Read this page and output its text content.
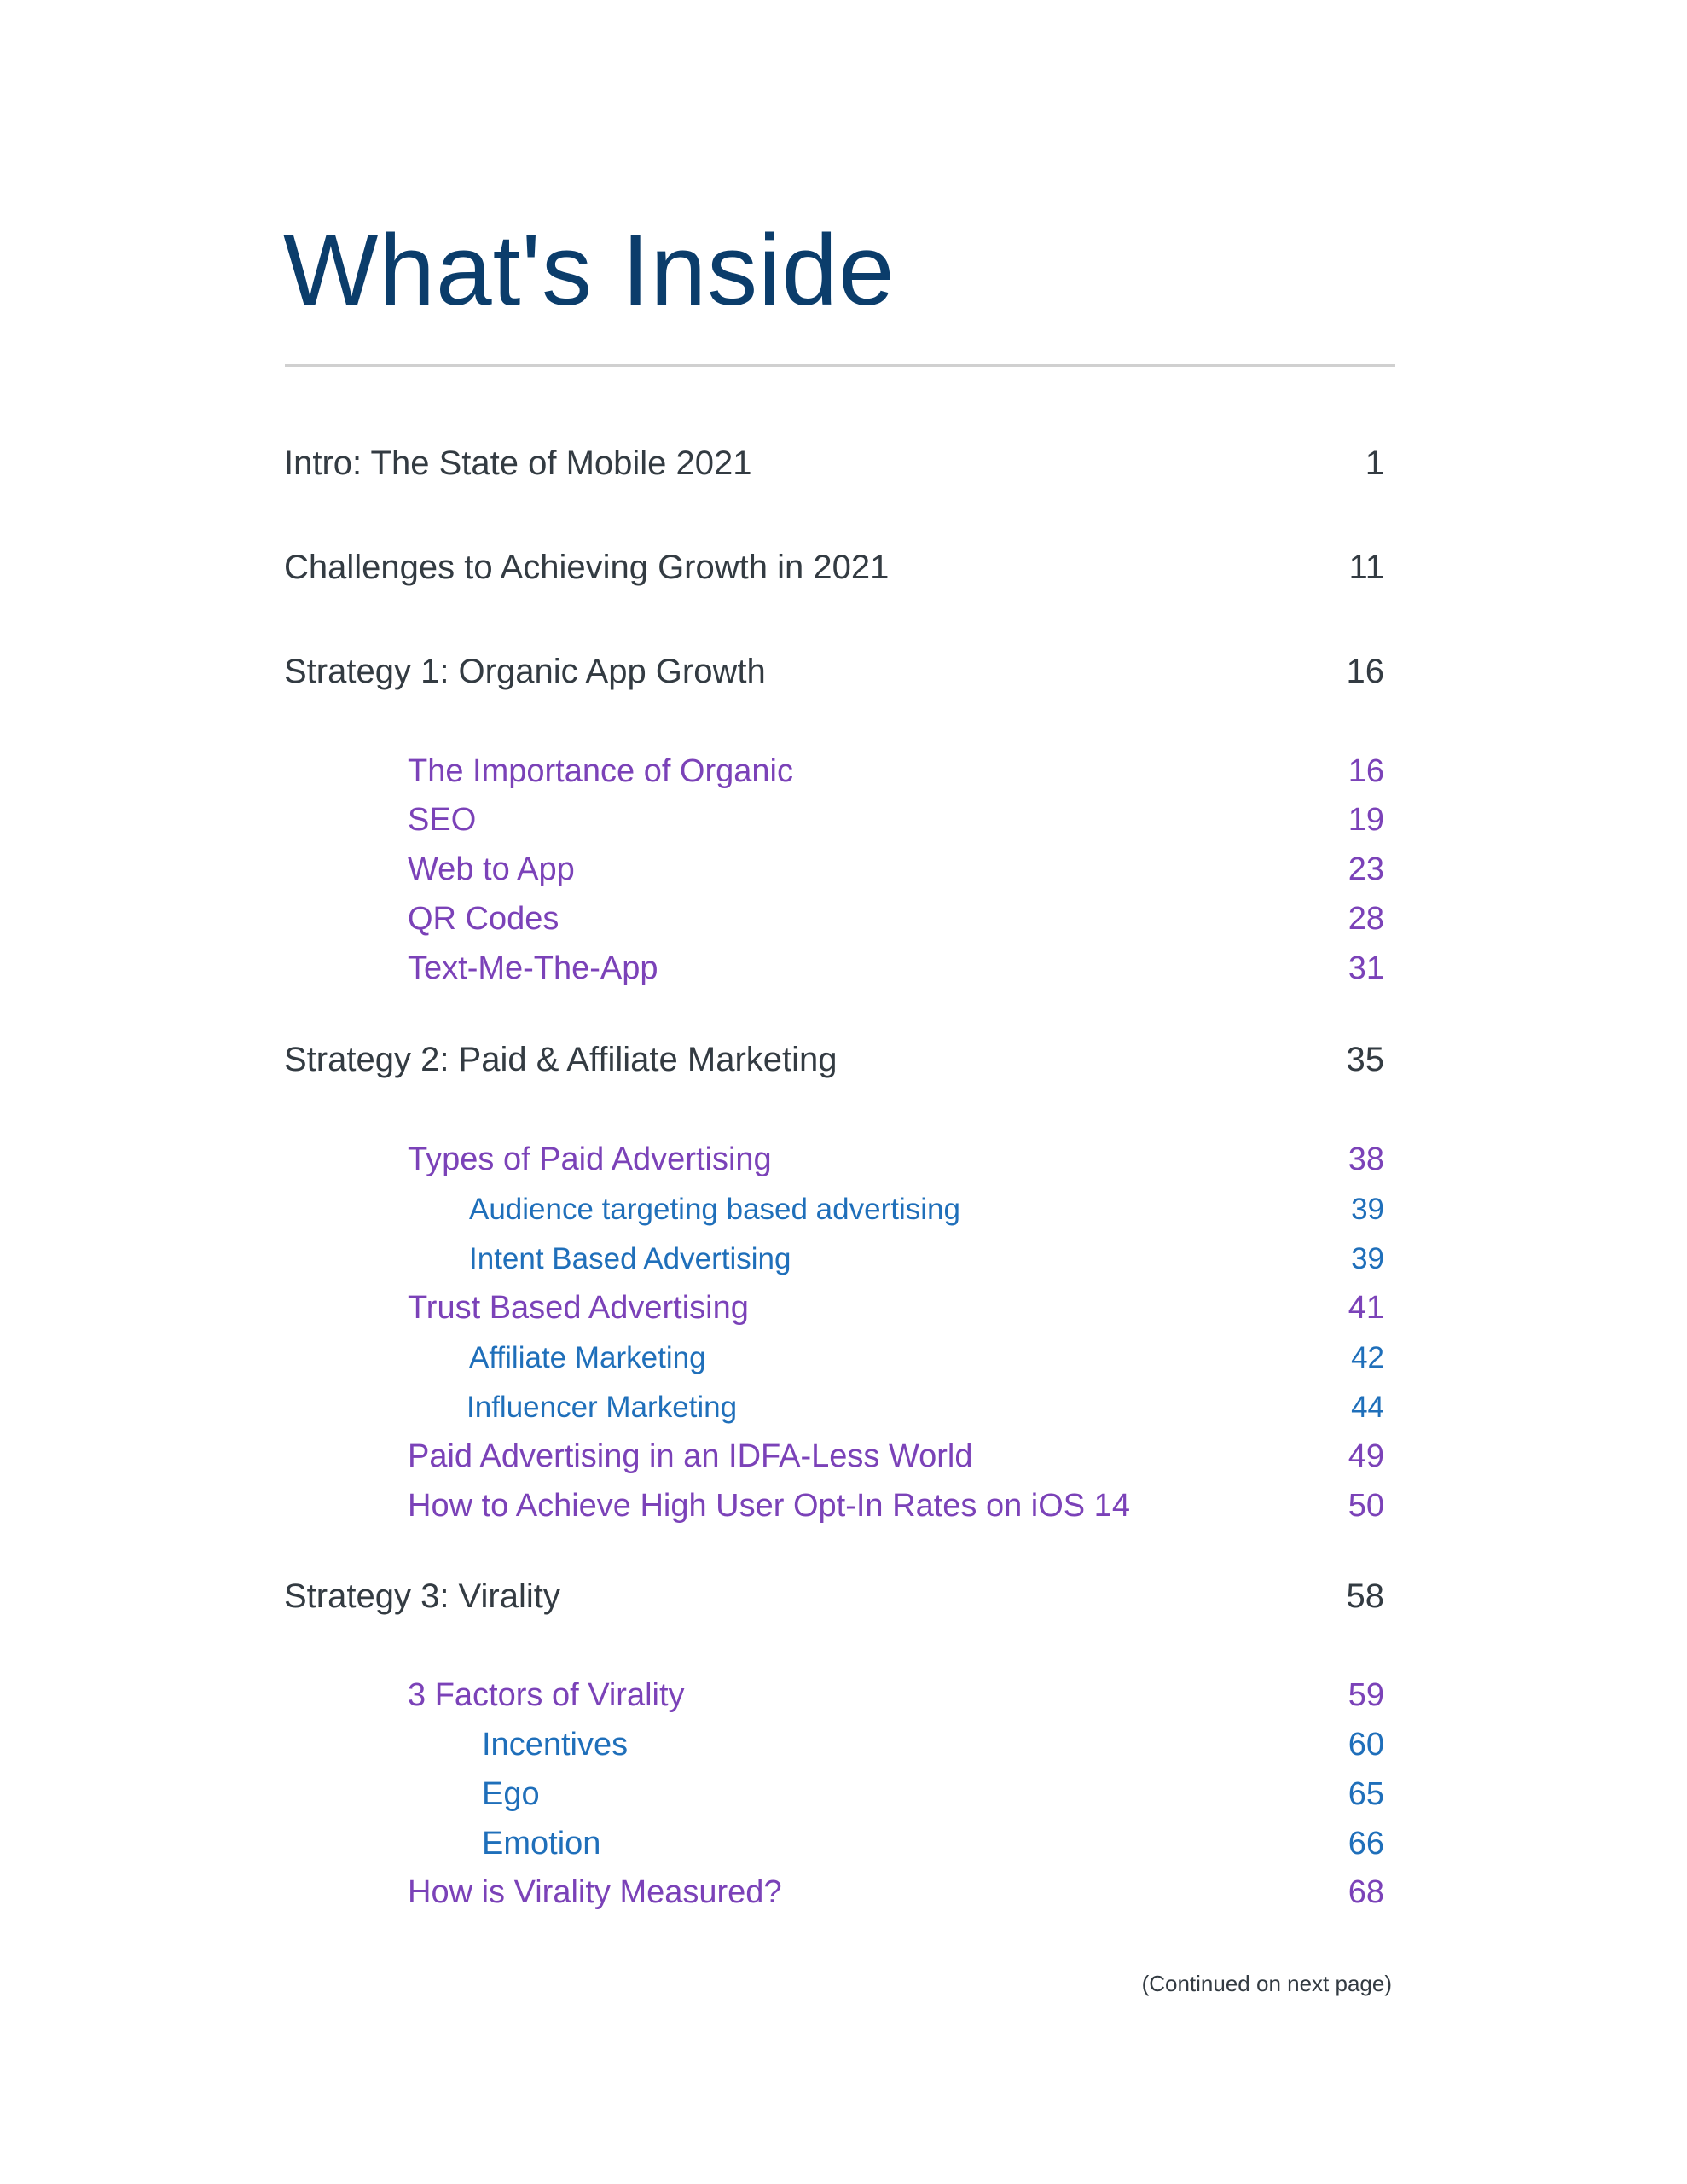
What's Inside
Intro: The State of Mobile 2021	1
Challenges to Achieving Growth in 2021	11
Strategy 1: Organic App Growth	16
The Importance of Organic	16
SEO	19
Web to App	23
QR Codes	28
Text-Me-The-App	31
Strategy 2: Paid & Affiliate Marketing	35
Types of Paid Advertising	38
Audience targeting based advertising	39
Intent Based Advertising	39
Trust Based Advertising	41
Affiliate Marketing	42
Influencer Marketing	44
Paid Advertising in an IDFA-Less World	49
How to Achieve High User Opt-In Rates on iOS 14	50
Strategy 3: Virality	58
3 Factors of Virality	59
Incentives	60
Ego	65
Emotion	66
How is Virality Measured?	68
(Continued on next page)
